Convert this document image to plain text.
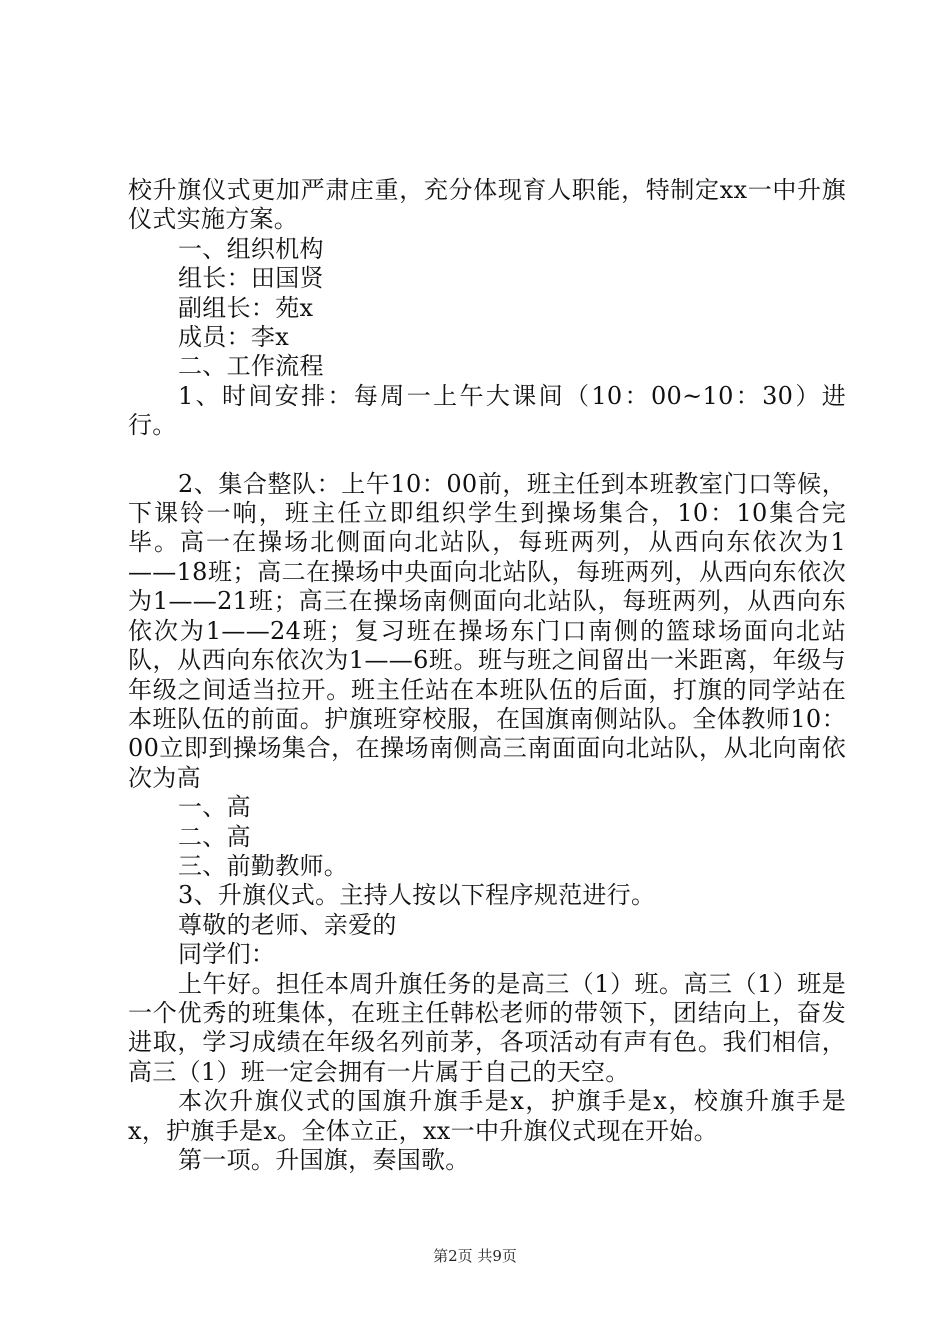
校升旗仪式更加严肃庄重，充分体现育人职能，特制定xx一中升旗仪式实施方案。

一、组织机构

组长：田国贤

副组长：苑x

成员：李x

二、工作流程

1、时间安排：每周一上午大课间（10：00~10：30）进行。

2、集合整队：上午10：00前，班主任到本班教室门口等候，下课铃一响，班主任立即组织学生到操场集合，10：10集合完毕。高一在操场北侧面向北站队，每班两列，从西向东依次为1——18班；高二在操场中央面向北站队，每班两列，从西向东依次为1——21班；高三在操场南侧面向北站队，每班两列，从西向东依次为1——24班；复习班在操场东门口南侧的篮球场面向北站队，从西向东依次为1——6班。班与班之间留出一米距离，年级与年级之间适当拉开。班主任站在本班队伍的后面，打旗的同学站在本班队伍的前面。护旗班穿校服，在国旗南侧站队。全体教师10：00立即到操场集合，在操场南侧高三南面面向北站队，从北向南依次为高

一、高

二、高

三、前勤教师。

3、升旗仪式。主持人按以下程序规范进行。

尊敬的老师、亲爱的

同学们：

上午好。担任本周升旗任务的是高三（1）班。高三（1）班是一个优秀的班集体，在班主任韩松老师的带领下，团结向上，奋发进取，学习成绩在年级名列前茅，各项活动有声有色。我们相信，高三（1）班一定会拥有一片属于自己的天空。

本次升旗仪式的国旗升旗手是x，护旗手是x，校旗升旗手是x，护旗手是x。全体立正，xx一中升旗仪式现在开始。

第一项。升国旗，奏国歌。

第2页 共9页
